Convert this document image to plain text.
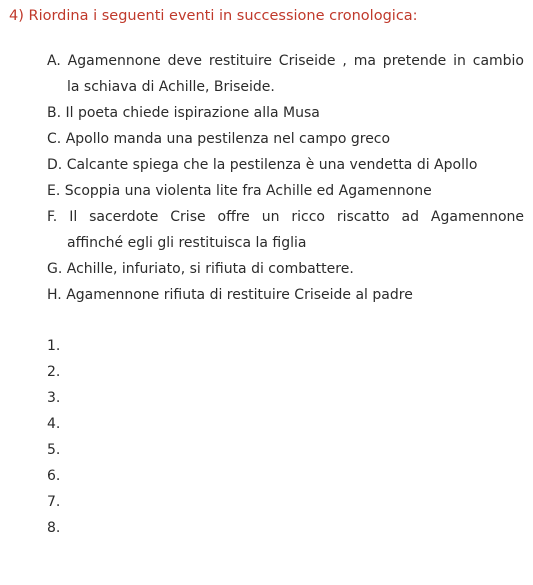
4) Riordina i seguenti eventi in successione cronologica:
A. Agamennone deve restituire Criseide , ma pretende in cambio
la schiava di Achille, Briseide.
B. Il poeta chiede ispirazione alla Musa
C. Apollo manda una pestilenza nel campo greco
D. Calcante spiega che la pestilenza è una vendetta di Apollo
E. Scoppia una violenta lite fra Achille ed Agamennone
F. Il sacerdote Crise offre un ricco riscatto ad Agamennone
affinché egli gli restituisca la figlia
G. Achille, infuriato, si rifiuta di combattere.
H. Agamennone rifiuta di restituire Criseide al padre
1.
2.
3.
4.
5.
6.
7.
8.
